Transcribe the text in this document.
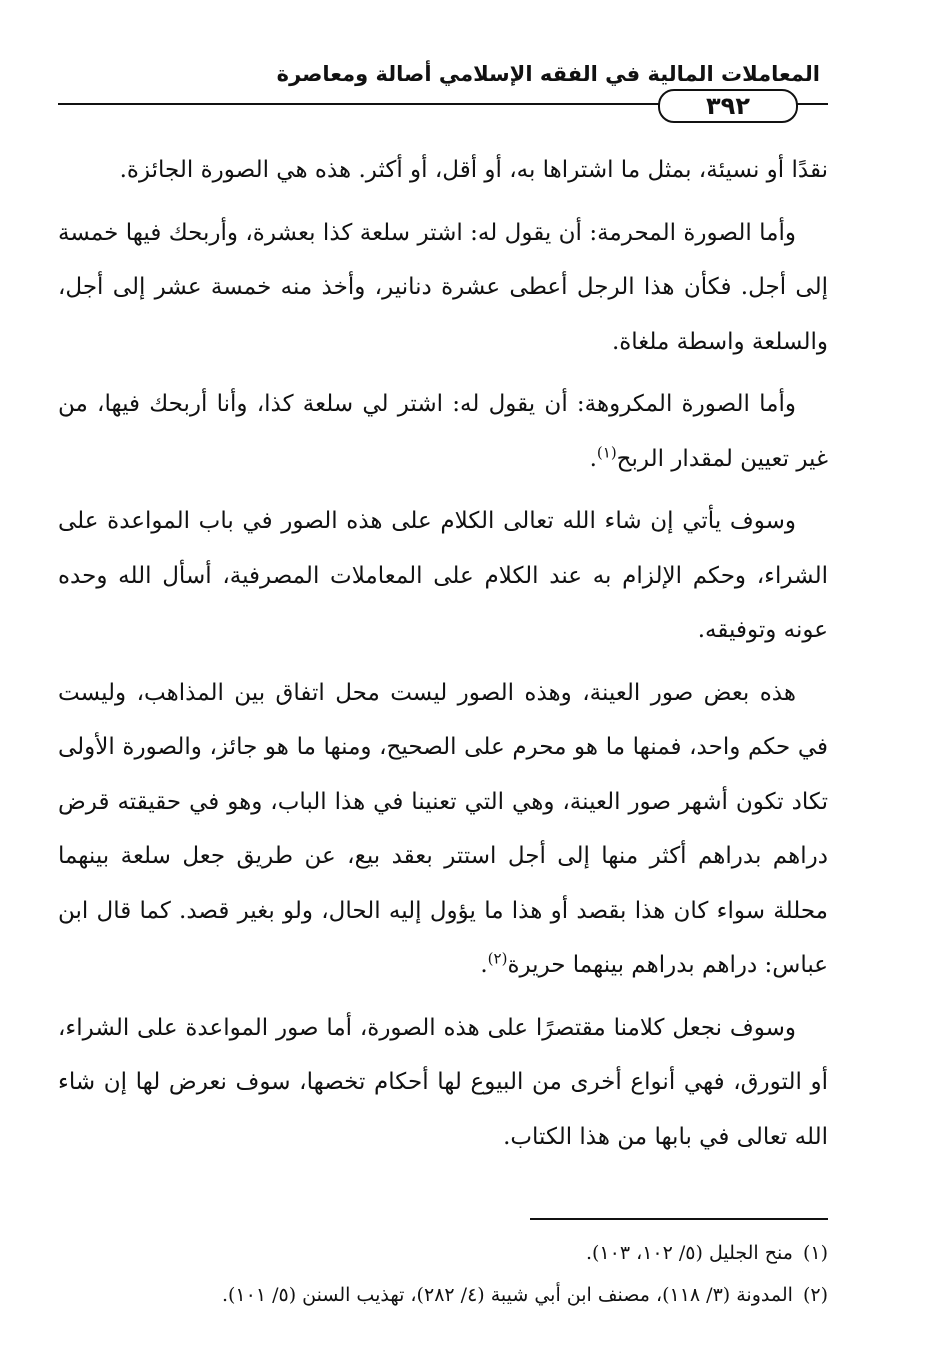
المعاملات المالية في الفقه الإسلامي أصالة ومعاصرة
٣٩٢

نقدًا أو نسيئة، بمثل ما اشتراها به، أو أقل، أو أكثر. هذه هي الصورة الجائزة.

وأما الصورة المحرمة: أن يقول له: اشتر سلعة كذا بعشرة، وأربحك فيها خمسة إلى أجل. فكأن هذا الرجل أعطى عشرة دنانير، وأخذ منه خمسة عشر إلى أجل، والسلعة واسطة ملغاة.

وأما الصورة المكروهة: أن يقول له: اشتر لي سلعة كذا، وأنا أربحك فيها، من غير تعيين لمقدار الربح$^{(١)}$.

وسوف يأتي إن شاء الله تعالى الكلام على هذه الصور في باب المواعدة على الشراء، وحكم الإلزام به عند الكلام على المعاملات المصرفية، أسأل الله وحده عونه وتوفيقه.

هذه بعض صور العينة، وهذه الصور ليست محل اتفاق بين المذاهب، وليست في حكم واحد، فمنها ما هو محرم على الصحيح، ومنها ما هو جائز، والصورة الأولى تكاد تكون أشهر صور العينة، وهي التي تعنينا في هذا الباب، وهو في حقيقته قرض دراهم بدراهم أكثر منها إلى أجل استتر بعقد بيع، عن طريق جعل سلعة بينهما محللة سواء كان هذا بقصد أو هذا ما يؤول إليه الحال، ولو بغير قصد. كما قال ابن عباس: دراهم بدراهم بينهما حريرة$^{(٢)}$.

وسوف نجعل كلامنا مقتصرًا على هذه الصورة، أما صور المواعدة على الشراء، أو التورق، فهي أنواع أخرى من البيوع لها أحكام تخصها، سوف نعرض لها إن شاء الله تعالى في بابها من هذا الكتاب.

(١)منح الجليل (٥/ ١٠٢، ١٠٣).
(٢)المدونة (٣/ ١١٨)، مصنف ابن أبي شيبة (٤/ ٢٨٢)، تهذيب السنن (٥/ ١٠١).
